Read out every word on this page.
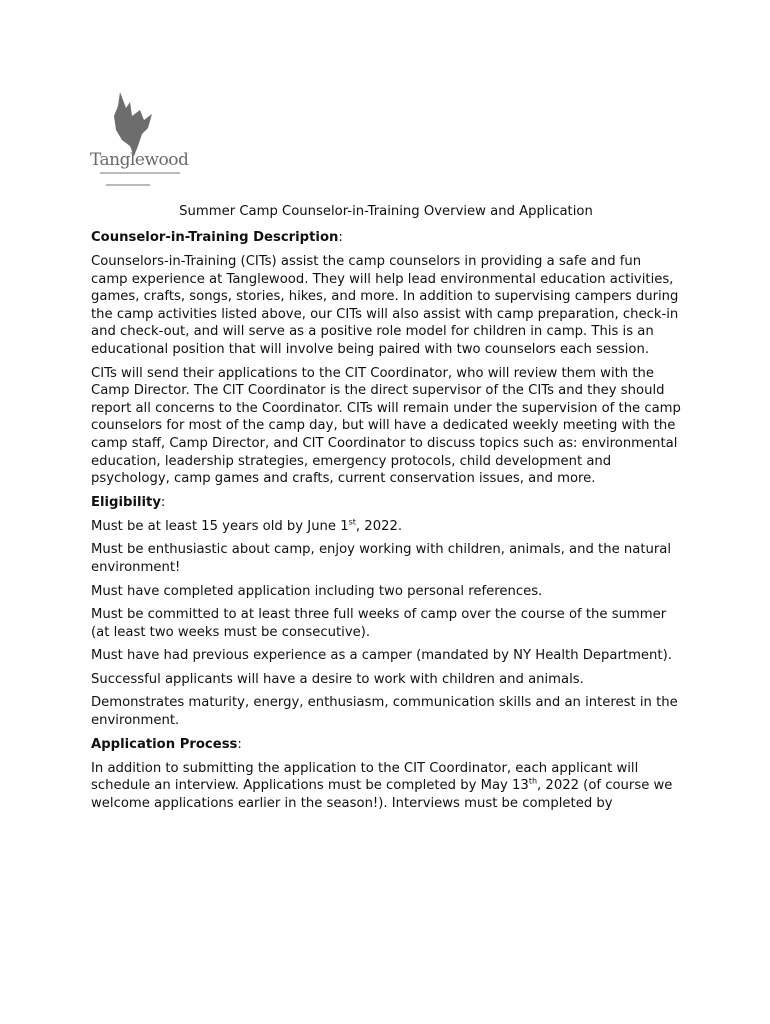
Tanglewood

Summer Camp Counselor-in-Training Overview and Application

Counselor-in-Training Description:

Counselors-in-Training (CITs) assist the camp counselors in providing a safe and fun camp experience at Tanglewood. They will help lead environmental education activities, games, crafts, songs, stories, hikes, and more. In addition to supervising campers during the camp activities listed above, our CITs will also assist with camp preparation, check-in and check-out, and will serve as a positive role model for children in camp. This is an educational position that will involve being paired with two counselors each session.

CITs will send their applications to the CIT Coordinator, who will review them with the Camp Director. The CIT Coordinator is the direct supervisor of the CITs and they should report all concerns to the Coordinator. CITs will remain under the supervision of the camp counselors for most of the camp day, but will have a dedicated weekly meeting with the camp staff, Camp Director, and CIT Coordinator to discuss topics such as: environmental education, leadership strategies, emergency protocols, child development and psychology, camp games and crafts, current conservation issues, and more.

Eligibility:

Must be at least 15 years old by June 1st, 2022.

Must be enthusiastic about camp, enjoy working with children, animals, and the natural environment!

Must have completed application including two personal references.

Must be committed to at least three full weeks of camp over the course of the summer (at least two weeks must be consecutive).

Must have had previous experience as a camper (mandated by NY Health Department).

Successful applicants will have a desire to work with children and animals.

Demonstrates maturity, energy, enthusiasm, communication skills and an interest in the environment.

Application Process:

In addition to submitting the application to the CIT Coordinator, each applicant will schedule an interview. Applications must be completed by May 13th, 2022 (of course we welcome applications earlier in the season!). Interviews must be completed by
